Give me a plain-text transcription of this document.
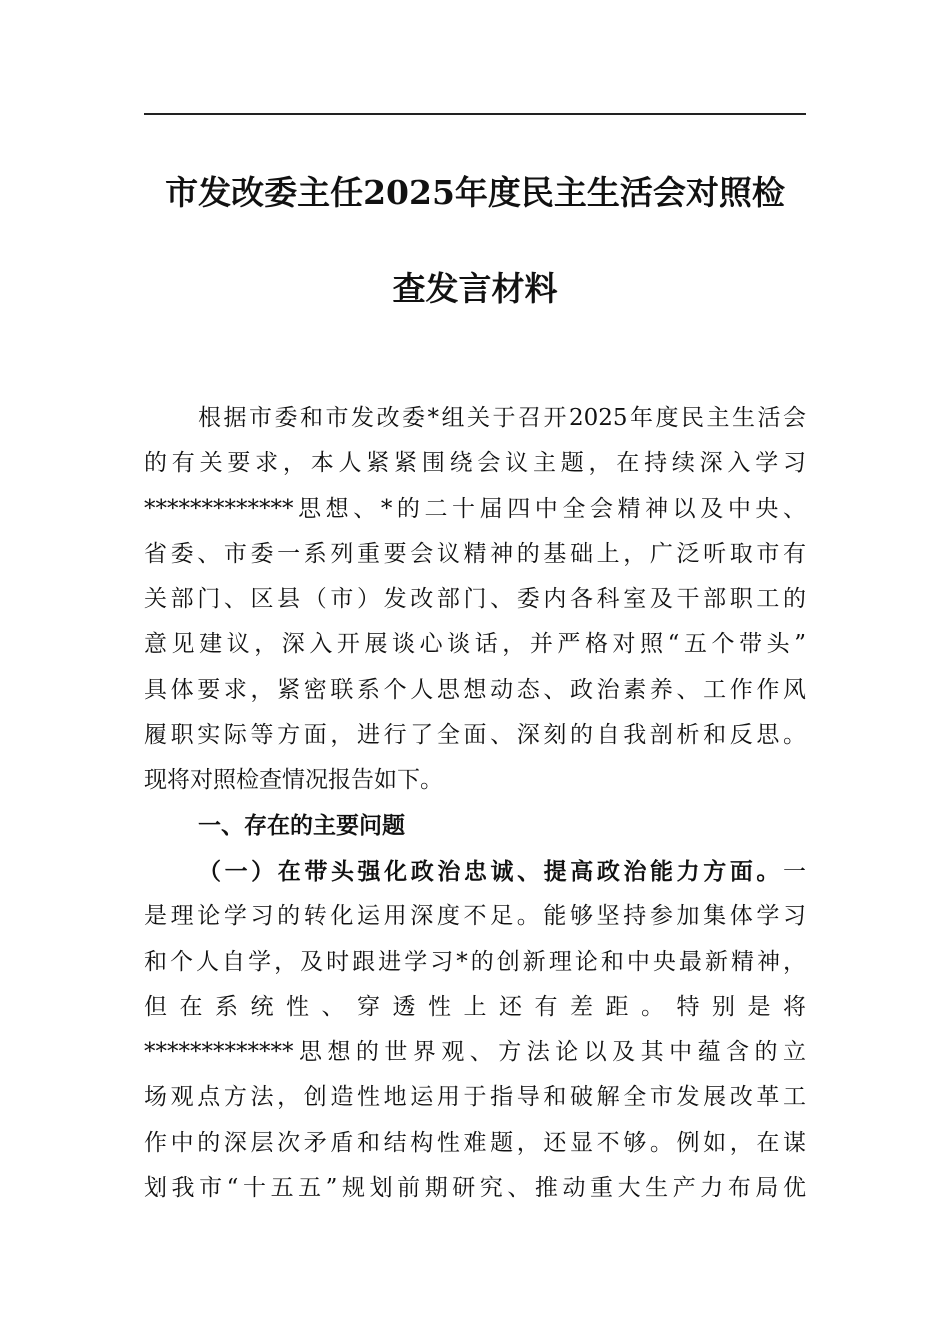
市发改委主任2025年度民主生活会对照检
查发言材料
根据市委和市发改委*组关于召开2025年度民主生活会
的有关要求，本人紧紧围绕会议主题，在持续深入学习
*************思想、*的二十届四中全会精神以及中央、
省委、市委一系列重要会议精神的基础上，广泛听取市有
关部门、区县（市）发改部门、委内各科室及干部职工的
意见建议，深入开展谈心谈话，并严格对照“五个带头”
具体要求，紧密联系个人思想动态、政治素养、工作作风
履职实际等方面，进行了全面、深刻的自我剖析和反思。
现将对照检查情况报告如下。
一、存在的主要问题
（一）在带头强化政治忠诚、提高政治能力方面。一
是理论学习的转化运用深度不足。能够坚持参加集体学习
和个人自学，及时跟进学习*的创新理论和中央最新精神，
但在系统性、穿透性上还有差距。特别是将
*************思想的世界观、方法论以及其中蕴含的立
场观点方法，创造性地运用于指导和破解全市发展改革工
作中的深层次矛盾和结构性难题，还显不够。例如，在谋
划我市“十五五”规划前期研究、推动重大生产力布局优
